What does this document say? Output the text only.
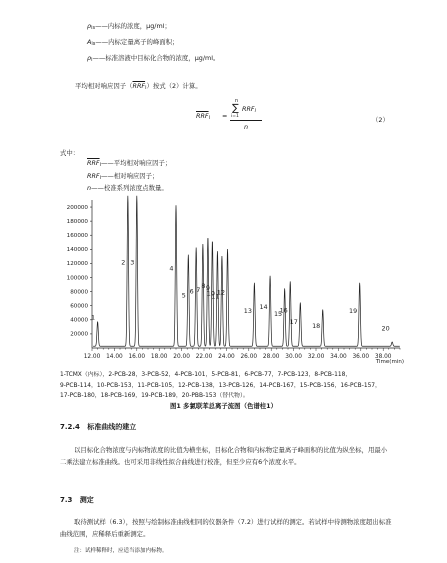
$\rho_{is}——$内标的浓度，μg/ml；
$A_{is}——$内标定量离子的峰面积；
$\rho_i——$标准溶液中目标化合物的浓度，μg/ml。
平均相对响应因子$(\overline{RRF}_i)$按式（2）计算。
$\overline{RRF}_i$ =
n
∑
i=1
$RRF_i$
n
（2）
式中：
$\overline{RRF}_i——$平均相对响应因子；
$RRF_i——$相对响应因子；
n——校准系列浓度点数量。
20000
40000
60000
80000
100000
120000
140000
160000
180000
200000
12.00 14.00 16.00 18.00 20.00 22.00 24.00 26.00 28.00 30.00 32.00 34.00 36.00 38.00
1
2 3
4
5 6 7 8 9
10
11
12
13 14
15
16
17 18
19
20
Time(min)
1-TCMX（内标），2-PCB-28，3-PCB-52，4-PCB-101，5-PCB-81，6-PCB-77，7-PCB-123，8-PCB-118，
9-PCB-114，10-PCB-153，11-PCB-105，12-PCB-138，13-PCB-126，14-PCB-167，15-PCB-156，16-PCB-157，
17-PCB-180，18-PCB-169，19-PCB-189，20-PBB-153（替代物）。
图1 多氯联苯总离子流图（色谱柱1）
7.2.4 标准曲线的建立
以目标化合物浓度与内标物浓度的比值为横坐标，目标化合物和内标物定量离子峰面积的比值为纵坐标，用最小二乘法建立标准曲线。也可采用非线性拟合曲线进行校准，但至少应有6个浓度水平。
7.3 测定
取待测试样（6.3），按照与绘制标准曲线相同的仪器条件（7.2）进行试样的测定。若试样中待测物浓度超出标准曲线范围，应稀释后重新测定。
注：试样稀释时，应适当添加内标物。
